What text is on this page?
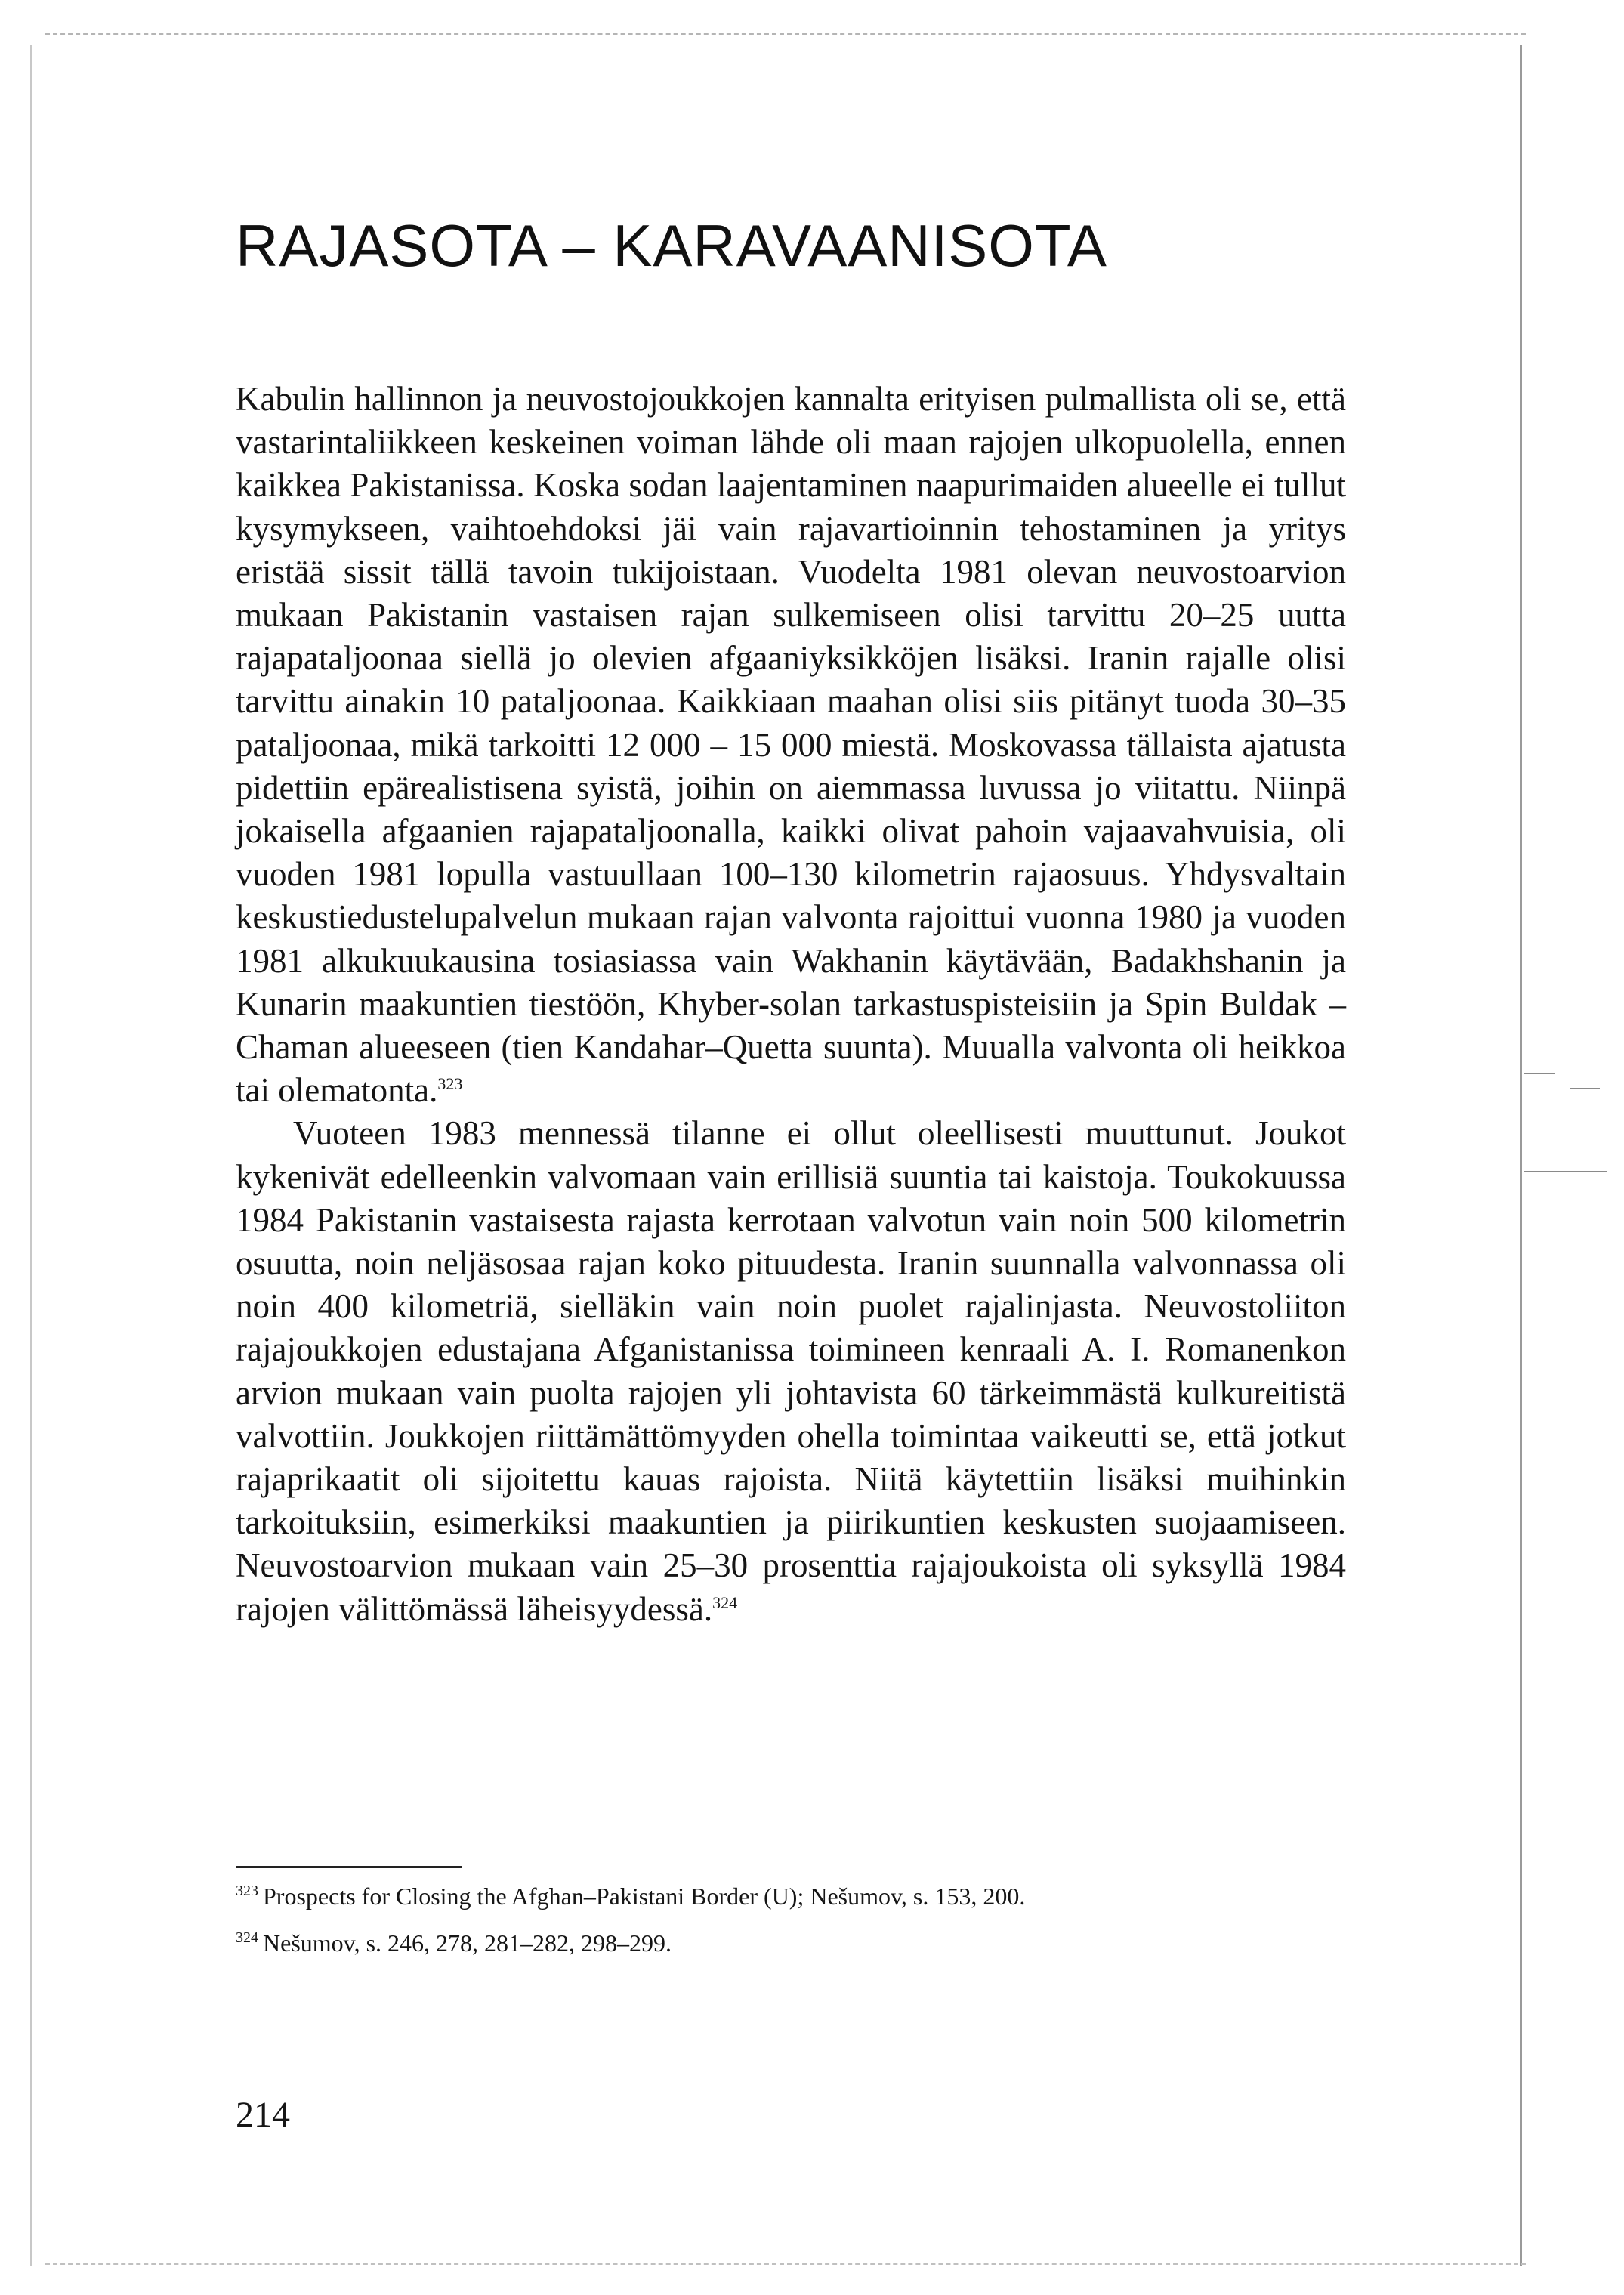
RAJASOTA – KARAVAANISOTA

Kabulin hallinnon ja neuvostojoukkojen kannalta erityisen pulmallista oli se, että vastarintaliikkeen keskeinen voiman lähde oli maan rajojen ulkopuolella, ennen kaikkea Pakistanissa. Koska sodan laajentaminen naapurimaiden alueelle ei tullut kysymykseen, vaihtoehdoksi jäi vain rajavartioinnin tehostaminen ja yritys eristää sissit tällä tavoin tukijoistaan. Vuodelta 1981 olevan neuvostoarvion mukaan Pakistanin vastaisen rajan sulkemiseen olisi tarvittu 20–25 uutta rajapataljoonaa siellä jo olevien afgaaniyksikköjen lisäksi. Iranin rajalle olisi tarvittu ainakin 10 pataljoonaa. Kaikkiaan maahan olisi siis pitänyt tuoda 30–35 pataljoonaa, mikä tarkoitti 12 000 – 15 000 miestä. Moskovassa tällaista ajatusta pidettiin epärealistisena syistä, joihin on aiemmassa luvussa jo viitattu. Niinpä jokaisella afgaanien rajapataljoonalla, kaikki olivat pahoin vajaavahvuisia, oli vuoden 1981 lopulla vastuullaan 100–130 kilometrin rajaosuus. Yhdysvaltain keskustiedustelupalvelun mukaan rajan valvonta rajoittui vuonna 1980 ja vuoden 1981 alkukuukausina tosiasiassa vain Wakhanin käytävään, Badakhshanin ja Kunarin maakuntien tiestöön, Khyber-solan tarkastuspisteisiin ja Spin Buldak – Chaman alueeseen (tien Kandahar–Quetta suunta). Muualla valvonta oli heikkoa tai olematonta.$^{323}$

Vuoteen 1983 mennessä tilanne ei ollut oleellisesti muuttunut. Joukot kykenivät edelleenkin valvomaan vain erillisiä suuntia tai kaistoja. Toukokuussa 1984 Pakistanin vastaisesta rajasta kerrotaan valvotun vain noin 500 kilometrin osuutta, noin neljäsosaa rajan koko pituudesta. Iranin suunnalla valvonnassa oli noin 400 kilometriä, sielläkin vain noin puolet rajalinjasta. Neuvostoliiton rajajoukkojen edustajana Afganistanissa toimineen kenraali A. I. Romanenkon arvion mukaan vain puolta rajojen yli johtavista 60 tärkeimmästä kulkureitistä valvottiin. Joukkojen riittämättömyyden ohella toimintaa vaikeutti se, että jotkut rajaprikaatit oli sijoitettu kauas rajoista. Niitä käytettiin lisäksi muihinkin tarkoituksiin, esimerkiksi maakuntien ja piirikuntien keskusten suojaamiseen. Neuvostoarvion mukaan vain 25–30 prosenttia rajajoukoista oli syksyllä 1984 rajojen välittömässä läheisyydessä.$^{324}$

$^{323}$ Prospects for Closing the Afghan–Pakistani Border (U); Nešumov, s. 153, 200.

$^{324}$ Nešumov, s. 246, 278, 281–282, 298–299.

214
